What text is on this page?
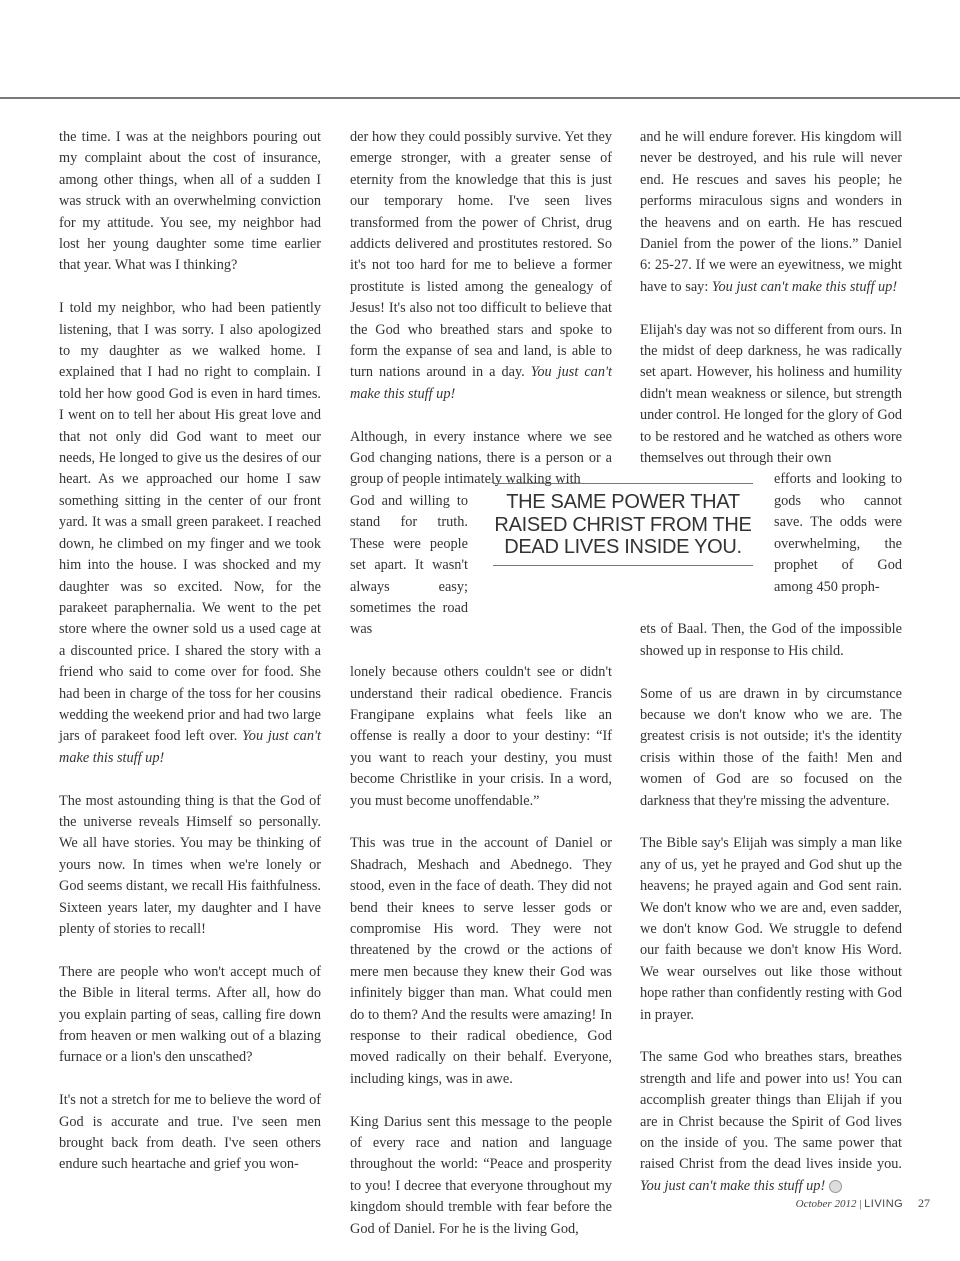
the time. I was at the neighbors pouring out my complaint about the cost of insurance, among other things, when all of a sudden I was struck with an overwhelming conviction for my attitude. You see, my neighbor had lost her young daughter some time earlier that year. What was I thinking?

I told my neighbor, who had been patiently listening, that I was sorry. I also apologized to my daughter as we walked home. I explained that I had no right to complain. I told her how good God is even in hard times. I went on to tell her about His great love and that not only did God want to meet our needs, He longed to give us the desires of our heart. As we approached our home I saw something sitting in the center of our front yard. It was a small green parakeet. I reached down, he climbed on my finger and we took him into the house. I was shocked and my daughter was so excited. Now, for the parakeet paraphernalia. We went to the pet store where the owner sold us a used cage at a discounted price. I shared the story with a friend who said to come over for food. She had been in charge of the toss for her cousins wedding the weekend prior and had two large jars of parakeet food left over. You just can't make this stuff up!

The most astounding thing is that the God of the universe reveals Himself so personally. We all have stories. You may be thinking of yours now. In times when we're lonely or God seems distant, we recall His faithfulness. Sixteen years later, my daughter and I have plenty of stories to recall!

There are people who won't accept much of the Bible in literal terms. After all, how do you explain parting of seas, calling fire down from heaven or men walking out of a blazing furnace or a lion's den unscathed?

It's not a stretch for me to believe the word of God is accurate and true. I've seen men brought back from death. I've seen others endure such heartache and grief you won-

der how they could possibly survive. Yet they emerge stronger, with a greater sense of eternity from the knowledge that this is just our temporary home. I've seen lives transformed from the power of Christ, drug addicts delivered and prostitutes restored. So it's not too hard for me to believe a former prostitute is listed among the genealogy of Jesus! It's also not too difficult to believe that the God who breathed stars and spoke to form the expanse of sea and land, is able to turn nations around in a day. You just can't make this stuff up!

Although, in every instance where we see God changing nations, there is a person or a group of people intimately walking with

God and willing to stand for truth. These were people set apart. It wasn't always easy; sometimes the road was

lonely because others couldn't see or didn't understand their radical obedience. Francis Frangipane explains what feels like an offense is really a door to your destiny: “If you want to reach your destiny, you must become Christlike in your crisis. In a word, you must become unoffendable.”

This was true in the account of Daniel or Shadrach, Meshach and Abednego. They stood, even in the face of death. They did not bend their knees to serve lesser gods or compromise His word. They were not threatened by the crowd or the actions of mere men because they knew their God was infinitely bigger than man. What could men do to them? And the results were amazing! In response to their radical obedience, God moved radically on their behalf. Everyone, including kings, was in awe.

King Darius sent this message to the people of every race and nation and language throughout the world: “Peace and prosperity to you! I decree that everyone throughout my kingdom should tremble with fear before the God of Daniel. For he is the living God,

and he will endure forever. His kingdom will never be destroyed, and his rule will never end. He rescues and saves his people; he performs miraculous signs and wonders in the heavens and on earth. He has rescued Daniel from the power of the lions.” Daniel 6: 25-27. If we were an eyewitness, we might have to say: You just can't make this stuff up!

Elijah's day was not so different from ours. In the midst of deep darkness, he was radically set apart. However, his holiness and humility didn't mean weakness or silence, but strength under control. He longed for the glory of God to be restored and he watched as others wore themselves out through their own

efforts and looking to gods who cannot save. The odds were overwhelming, the prophet of God among 450 proph-

ets of Baal. Then, the God of the impossible showed up in response to His child.

Some of us are drawn in by circumstance because we don't know who we are. The greatest crisis is not outside; it's the identity crisis within those of the faith! Men and women of God are so focused on the darkness that they're missing the adventure.

The Bible say's Elijah was simply a man like any of us, yet he prayed and God shut up the heavens; he prayed again and God sent rain. We don't know who we are and, even sadder, we don't know God. We struggle to defend our faith because we don't know His Word. We wear ourselves out like those without hope rather than confidently resting with God in prayer.

The same God who breathes stars, breathes strength and life and power into us! You can accomplish greater things than Elijah if you are in Christ because the Spirit of God lives on the inside of you. The same power that raised Christ from the dead lives inside you. You just can't make this stuff up!

THE SAME POWER THAT RAISED CHRIST FROM THE DEAD LIVES INSIDE YOU.
October 2012 | LIVING 27
